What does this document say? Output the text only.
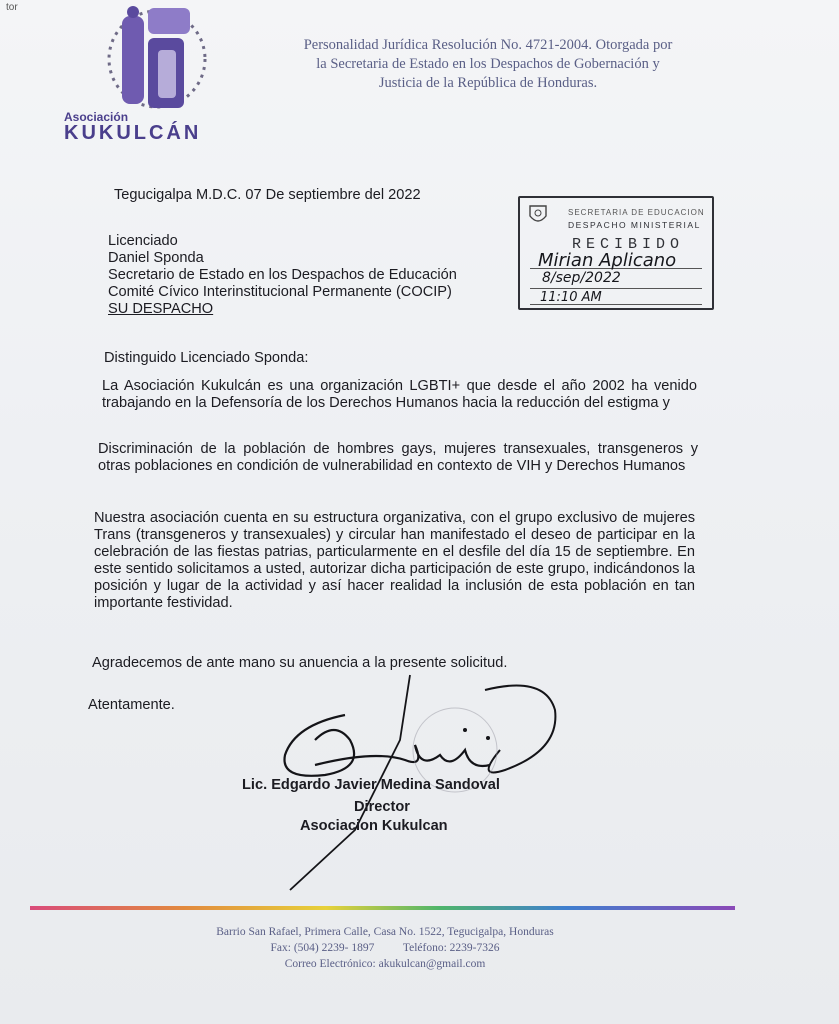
tor
Asociación
KUKULCÁN
Personalidad Jurídica Resolución No. 4721-2004. Otorgada por
la Secretaria de Estado en los Despachos de Gobernación y
Justicia de la República de Honduras.
Tegucigalpa M.D.C. 07 De septiembre del 2022
SECRETARIA DE EDUCACION
DESPACHO MINISTERIAL
RECIBIDO
Mirian Aplicano
8/sep/2022
11:10 AM
Licenciado
Daniel Sponda
Secretario de Estado en los Despachos de Educación
Comité Cívico Interinstitucional Permanente (COCIP)
SU DESPACHO
Distinguido Licenciado Sponda:
La Asociación Kukulcán es una organización LGBTI+ que desde el año 2002 ha venido trabajando en la Defensoría de los Derechos Humanos hacia la reducción del estigma y
Discriminación de la población de hombres gays, mujeres transexuales, transgeneros y otras poblaciones en condición de vulnerabilidad en contexto de VIH y Derechos Humanos
Nuestra asociación cuenta en su estructura organizativa, con el grupo exclusivo de mujeres Trans (transgeneros y transexuales) y circular han manifestado el deseo de participar en la celebración de las fiestas patrias, particularmente en el desfile del día 15 de septiembre. En este sentido solicitamos a usted, autorizar dicha participación de este grupo, indicándonos la posición y lugar de la actividad y así hacer realidad la inclusión de esta población en tan importante festividad.
Agradecemos de ante mano su anuencia a la presente solicitud.
Atentamente.
Lic. Edgardo Javier Medina Sandoval
Director
Asociacion Kukulcan
Barrio San Rafael, Primera Calle, Casa No. 1522, Tegucigalpa, Honduras
Fax: (504) 2239- 1897          Teléfono: 2239-7326
Correo Electrónico: akukulcan@gmail.com
